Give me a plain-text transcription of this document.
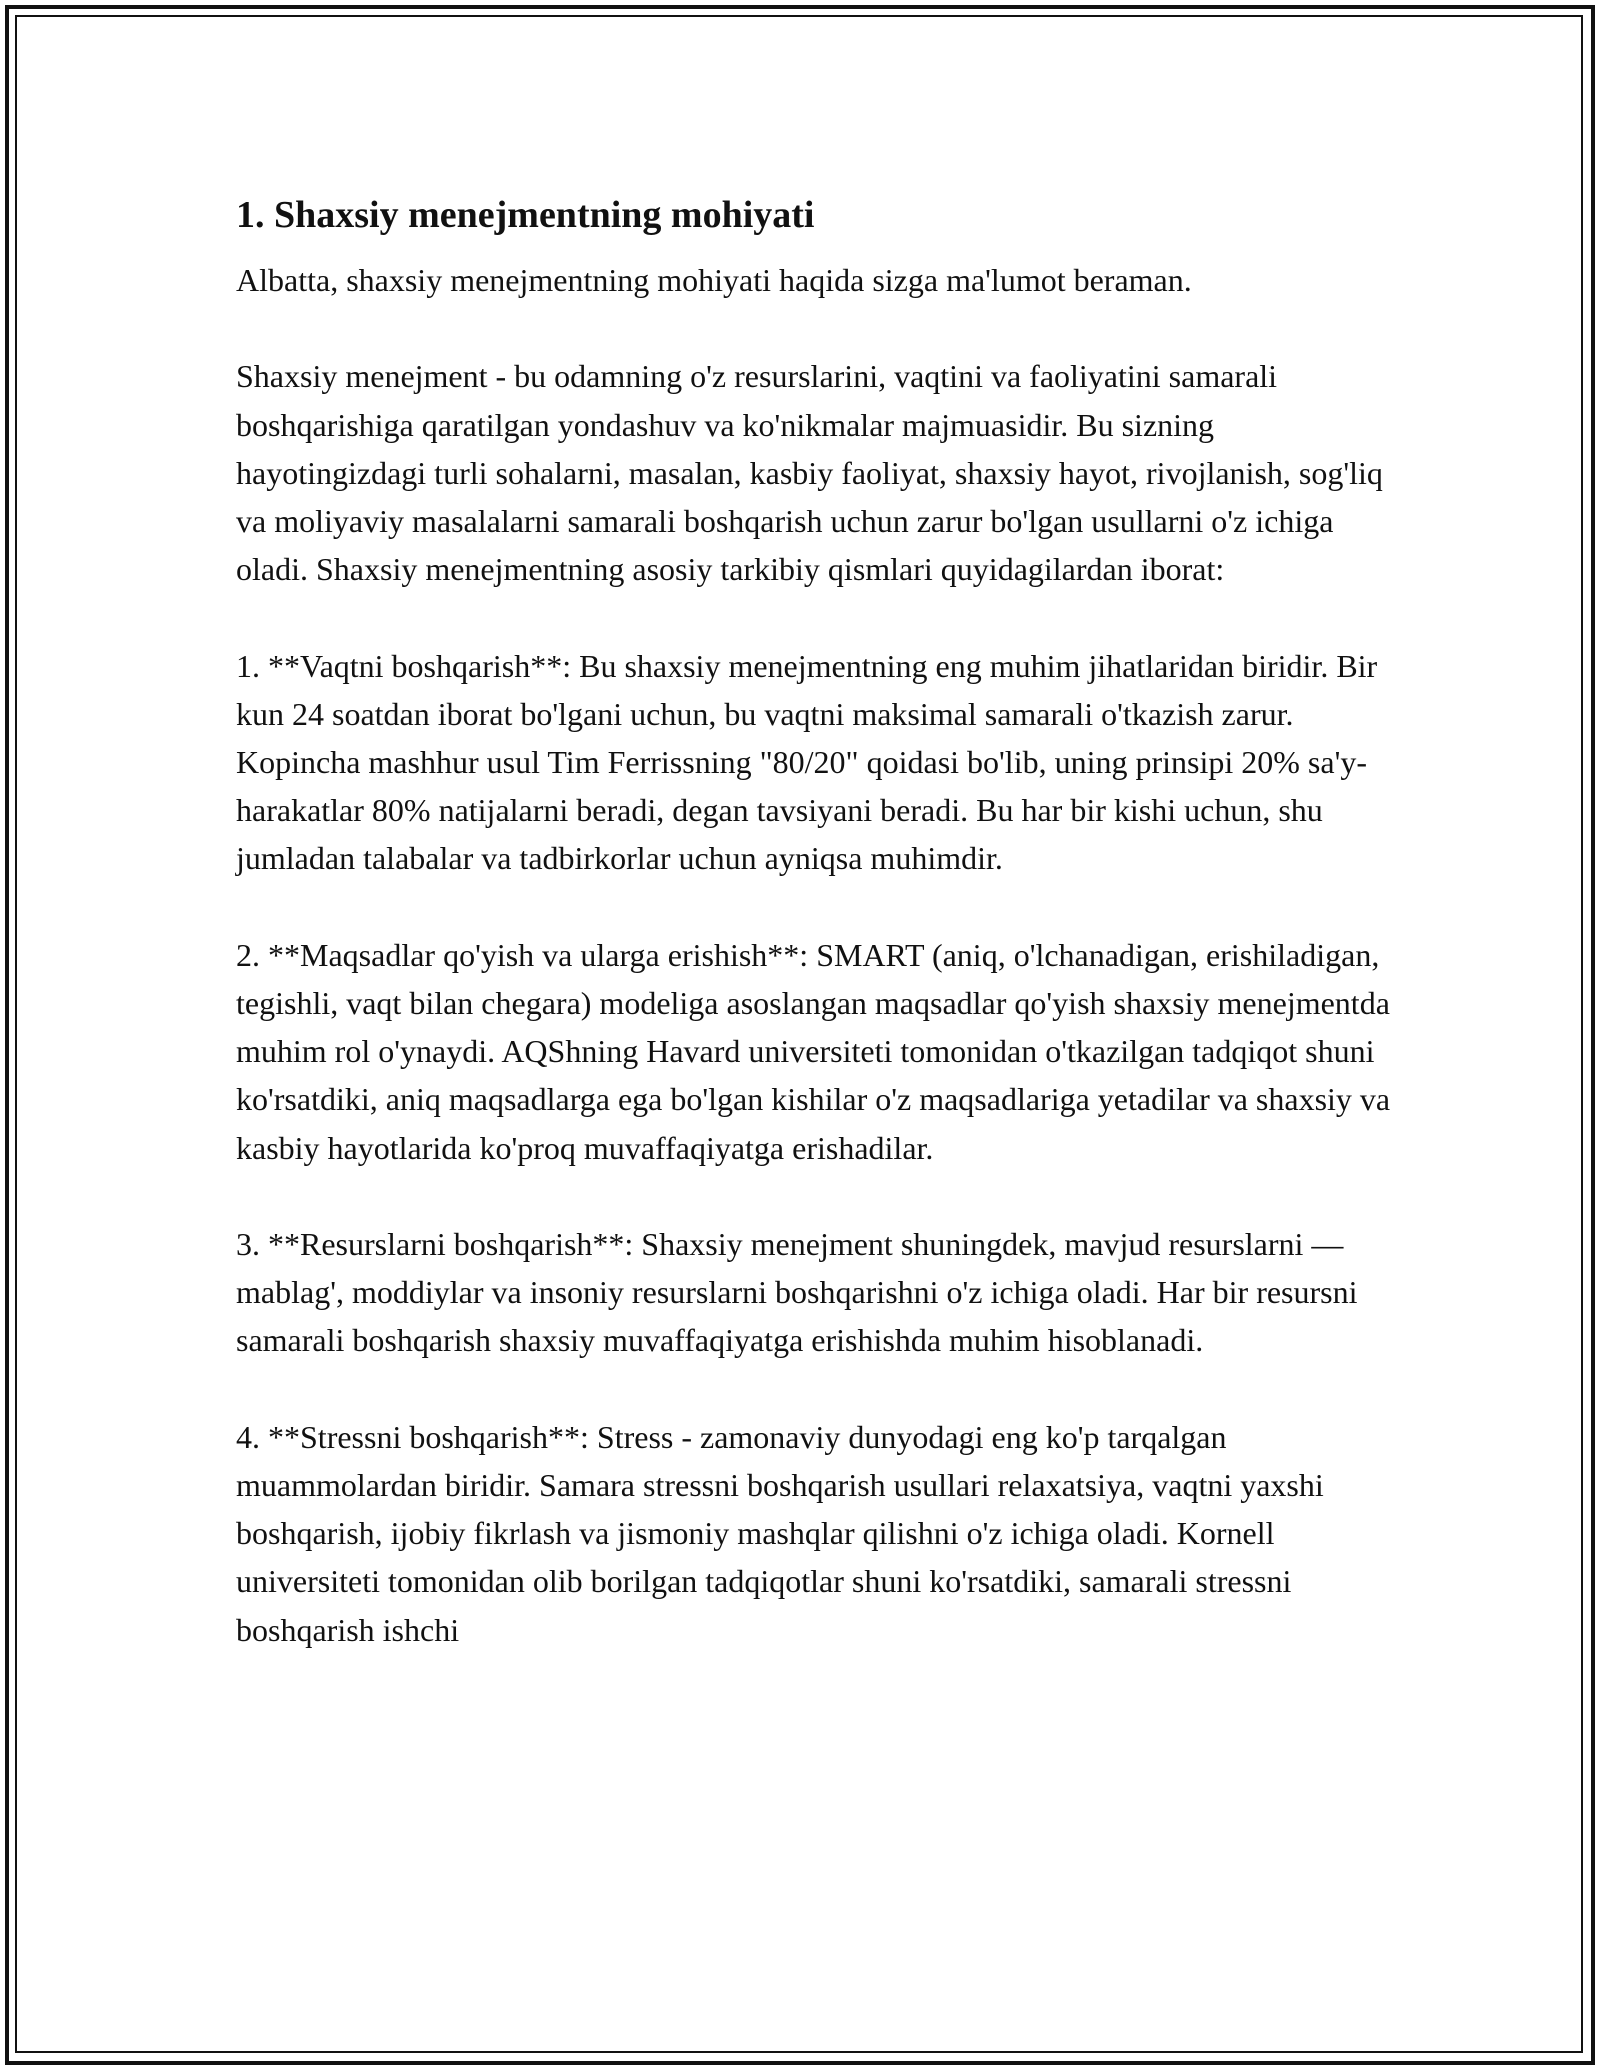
1. Shaxsiy menejmentning mohiyati

Albatta, shaxsiy menejmentning mohiyati haqida sizga ma'lumot beraman.

Shaxsiy menejment - bu odamning o'z resurslarini, vaqtini va faoliyatini samarali boshqarishiga qaratilgan yondashuv va ko'nikmalar majmuasidir. Bu sizning hayotingizdagi turli sohalarni, masalan, kasbiy faoliyat, shaxsiy hayot, rivojlanish, sog'liq va moliyaviy masalalarni samarali boshqarish uchun zarur bo'lgan usullarni o'z ichiga oladi. Shaxsiy menejmentning asosiy tarkibiy qismlari quyidagilardan iborat:

1. **Vaqtni boshqarish**: Bu shaxsiy menejmentning eng muhim jihatlaridan biridir. Bir kun 24 soatdan iborat bo'lgani uchun, bu vaqtni maksimal samarali o'tkazish zarur. Kopincha mashhur usul Tim Ferrissning "80/20" qoidasi bo'lib, uning prinsipi 20% sa'y-harakatlar 80% natijalarni beradi, degan tavsiyani beradi. Bu har bir kishi uchun, shu jumladan talabalar va tadbirkorlar uchun ayniqsa muhimdir.

2. **Maqsadlar qo'yish va ularga erishish**: SMART (aniq, o'lchanadigan, erishiladigan, tegishli, vaqt bilan chegara) modeliga asoslangan maqsadlar qo'yish shaxsiy menejmentda muhim rol o'ynaydi. AQShning Havard universiteti tomonidan o'tkazilgan tadqiqot shuni ko'rsatdiki, aniq maqsadlarga ega bo'lgan kishilar o'z maqsadlariga yetadilar va shaxsiy va kasbiy hayotlarida ko'proq muvaffaqiyatga erishadilar.

3. **Resurslarni boshqarish**: Shaxsiy menejment shuningdek, mavjud resurslarni — mablag', moddiylar va insoniy resurslarni boshqarishni o'z ichiga oladi. Har bir resursni samarali boshqarish shaxsiy muvaffaqiyatga erishishda muhim hisoblanadi.

4. **Stressni boshqarish**: Stress - zamonaviy dunyodagi eng ko'p tarqalgan muammolardan biridir. Samara stressni boshqarish usullari relaxatsiya, vaqtni yaxshi boshqarish, ijobiy fikrlash va jismoniy mashqlar qilishni o'z ichiga oladi. Kornell universiteti tomonidan olib borilgan tadqiqotlar shuni ko'rsatdiki, samarali stressni boshqarish ishchi
